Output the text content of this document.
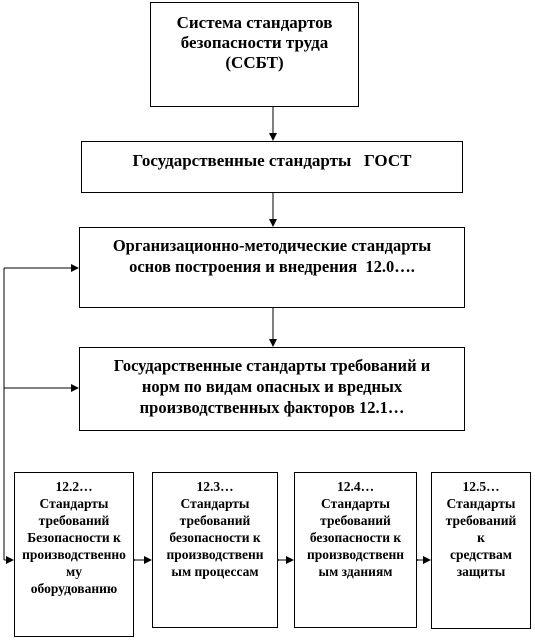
Система стандартов
безопасности труда
(ССБТ)
Государственные стандарты   ГОСТ
Организационно-методические стандарты
основ построения и внедрения  12.0….
Государственные стандарты требований и
норм по видам опасных и вредных
производственных факторов 12.1…
12.2…
Стандарты
требований
Безопасности к
производственно
му
оборудованию
12.3…
Стандарты
требований
безопасности к
производственн
ым процессам
12.4…
Стандарты
требований
безопасности к
производственн
ым зданиям
12.5…
Стандарты
требований
к
средствам
защиты
